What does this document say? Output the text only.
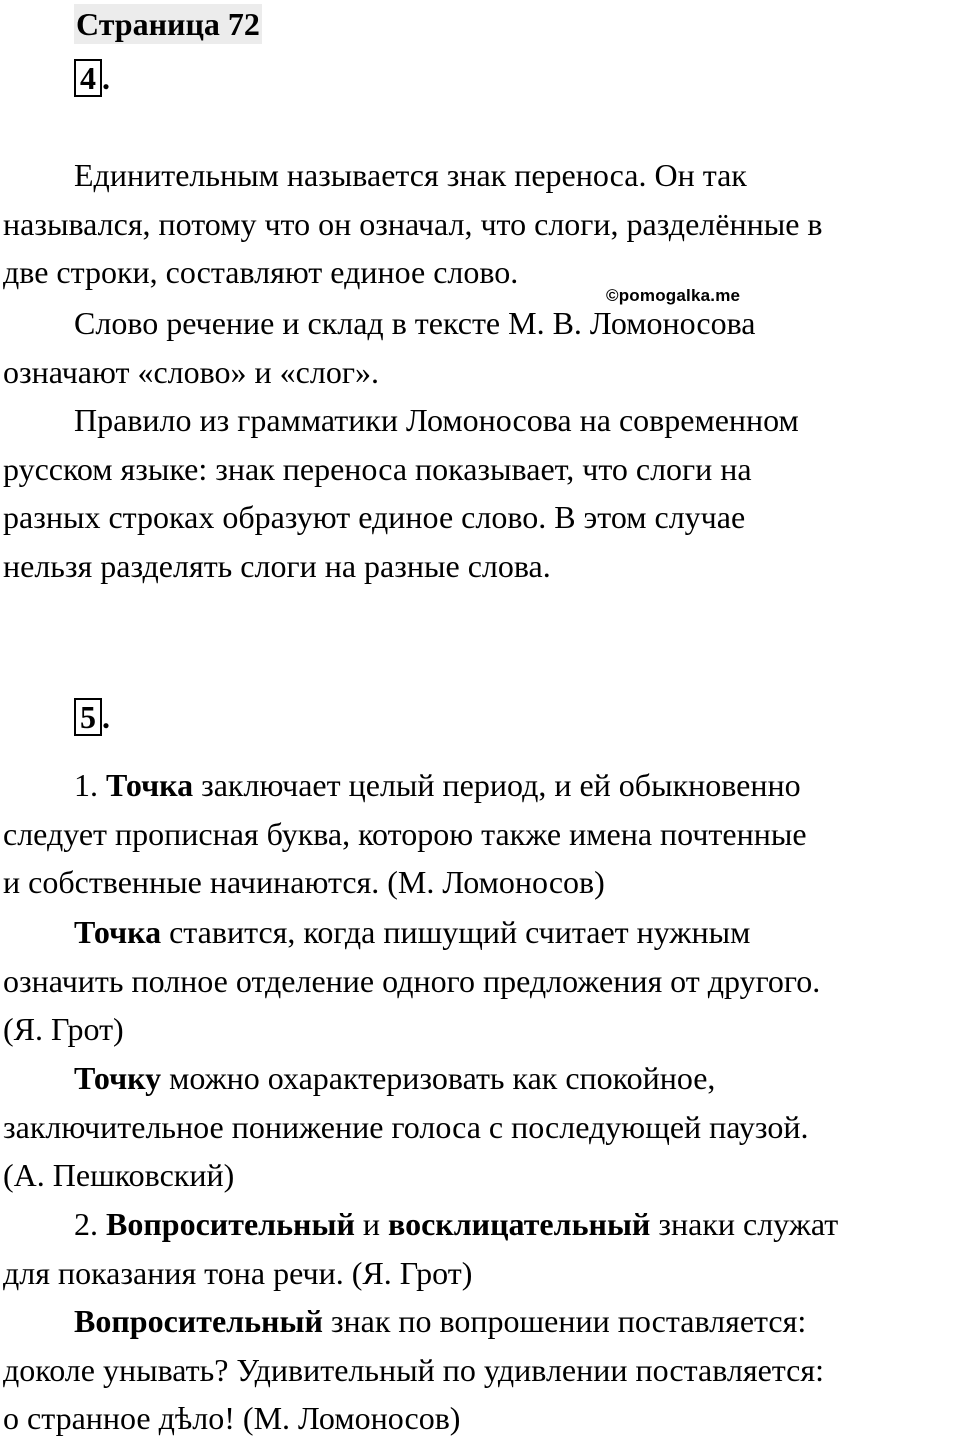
Страница 72
4 .

Единительным называется знак переноса. Он так
назывался, потому что он означал, что слоги, разделённые в
две строки, составляют единое слово.

Слово речение и склад в тексте М. В. Ломоносова
означают «слово» и «слог».

©pomogalka.me

Правило из грамматики Ломоносова на современном
русском языке: знак переноса показывает, что слоги на
разных строках образуют единое слово. В этом случае
нельзя разделять слоги на разные слова.

5 .

1. Точка заключает целый период, и ей обыкновенно
следует прописная буква, которою также имена почтенные
и собственные начинаются. (М. Ломоносов)

Точка ставится, когда пишущий считает нужным
означить полное отделение одного предложения от другого.
(Я. Грот)

Точку можно охарактеризовать как спокойное,
заключительное понижение голоса с последующей паузой.
(А. Пешковский)

2. Вопросительный и восклицательный знаки служат
для показания тона речи. (Я. Грот)

Вопросительный знак по вопрошении поставляется:
доколе унывать? Удивительный по удивлении поставляется:
о странное дѣло! (М. Ломоносов)
